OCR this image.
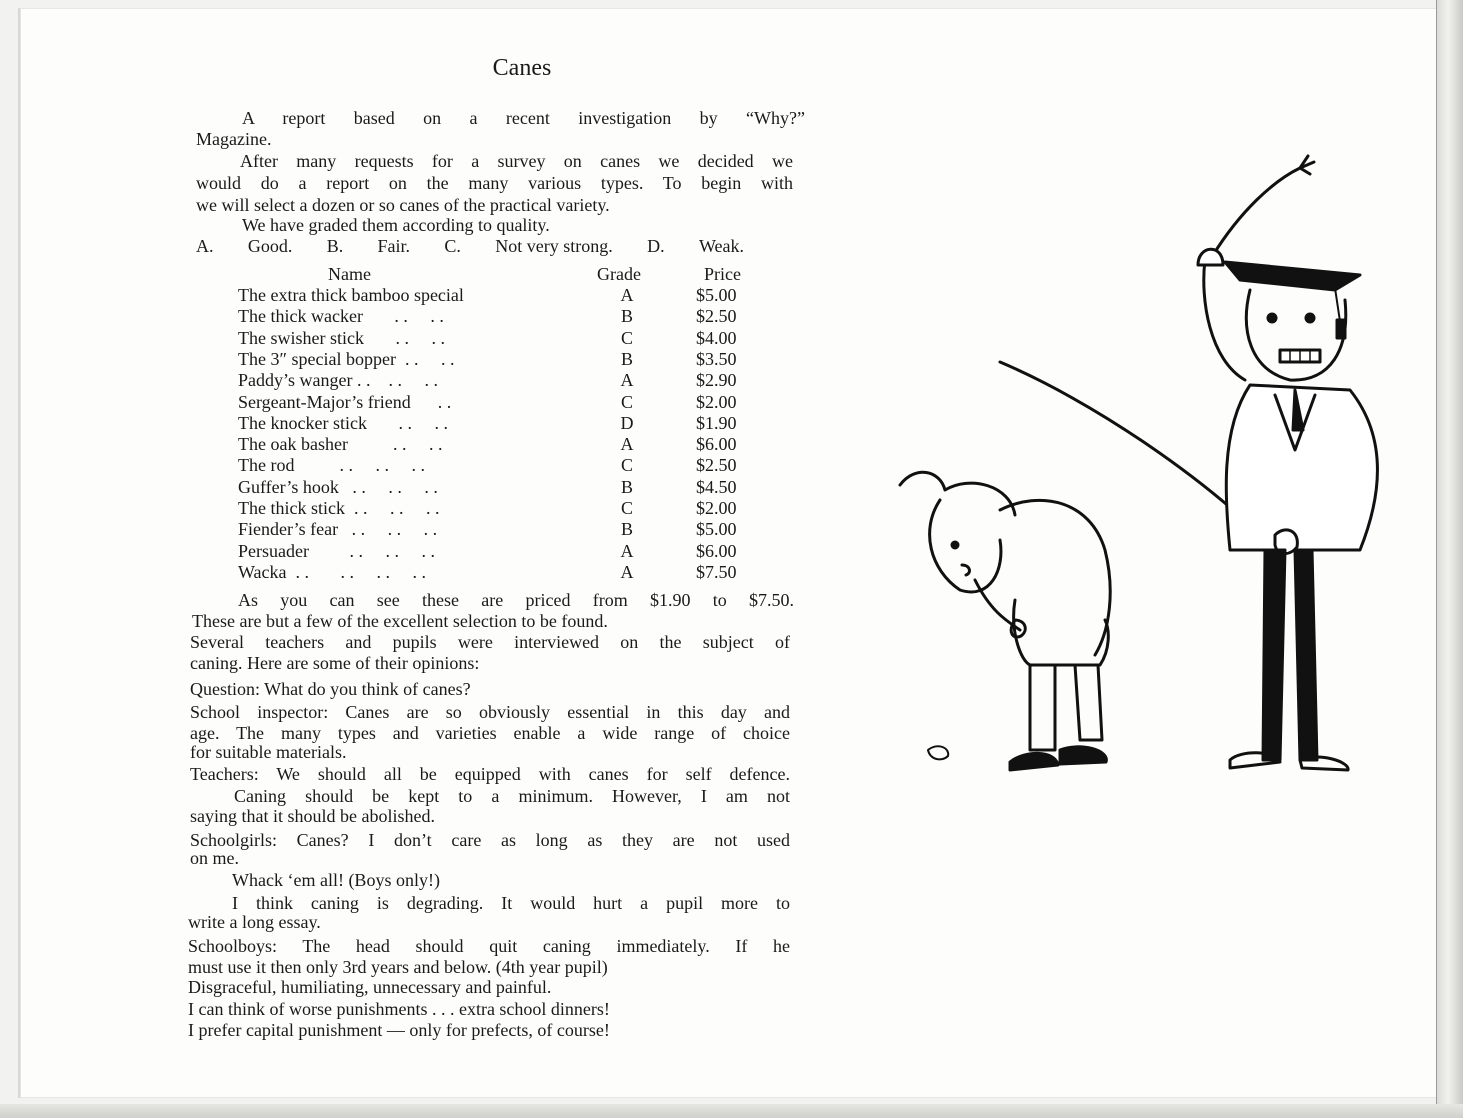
Canes
A report based on a recent investigation by “Why?”
Magazine.
After many requests for a survey on canes we decided we
would do a report on the many various types. To begin with
we will select a dozen or so canes of the practical variety.
We have graded them according to quality.
A. Good. B. Fair. C. Not very strong. D. Weak.
Name	Grade	Price
The extra thick bamboo special	A	$5.00
The thick wacker       . .     . .	B	$2.50
The swisher stick       . .     . .	C	$4.00
The 3″ special bopper  . .     . .	B	$3.50
Paddy’s wanger . .    . .     . .	A	$2.90
Sergeant-Major’s friend      . .	C	$2.00
The knocker stick       . .     . .	D	$1.90
The oak basher          . .     . .	A	$6.00
The rod          . .     . .     . .	C	$2.50
Guffer’s hook   . .     . .     . .	B	$4.50
The thick stick  . .     . .     . .	C	$2.00
Fiender’s fear   . .     . .     . .	B	$5.00
Persuader         . .     . .     . .	A	$6.00
Wacka  . .       . .     . .     . .	A	$7.50
As you can see these are priced from $1.90 to $7.50.
These are but a few of the excellent selection to be found.
Several teachers and pupils were interviewed on the subject of
caning. Here are some of their opinions:
Question: What do you think of canes?
School inspector: Canes are so obviously essential in this day and
age. The many types and varieties enable a wide range of choice
for suitable materials.
Teachers: We should all be equipped with canes for self defence.
Caning should be kept to a minimum. However, I am not
saying that it should be abolished.
Schoolgirls: Canes? I don’t care as long as they are not used
on me.
Whack ‘em all! (Boys only!)
I think caning is degrading. It would hurt a pupil more to
write a long essay.
Schoolboys: The head should quit caning immediately. If he
must use it then only 3rd years and below. (4th year pupil)
Disgraceful, humiliating, unnecessary and painful.
I can think of worse punishments . . . extra school dinners!
I prefer capital punishment — only for prefects, of course!
